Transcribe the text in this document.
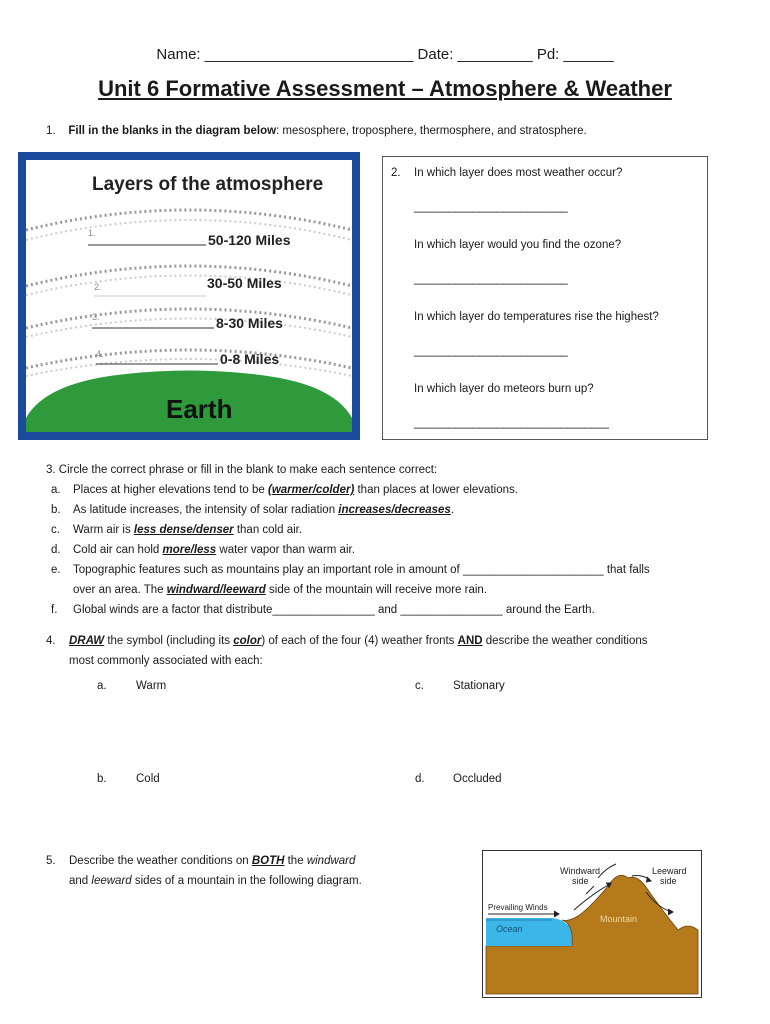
Name: _________________________ Date: _________ Pd: ______
Unit 6 Formative Assessment – Atmosphere & Weather
1. Fill in the blanks in the diagram below: mesosphere, troposphere, thermosphere, and stratosphere.
Layers of the atmosphere
1.	50-120 Miles
2.	30-50 Miles
3.	8-30 Miles
4.	0-8 Miles
Earth
2. In which layer does most weather occur?
__________________________
In which layer would you find the ozone?
__________________________
In which layer do temperatures rise the highest?
__________________________
In which layer do meteors burn up?
_________________________________
3. Circle the correct phrase or fill in the blank to make each sentence correct:
a. Places at higher elevations tend to be (warmer/colder) than places at lower elevations.
b. As latitude increases, the intensity of solar radiation increases/decreases.
c. Warm air is less dense/denser than cold air.
d. Cold air can hold more/less water vapor than warm air.
e. Topographic features such as mountains play an important role in amount of ______________________ that falls
over an area. The windward/leeward side of the mountain will receive more rain.
f. Global winds are a factor that distribute________________ and ________________ around the Earth.
4. DRAW the symbol (including its color) of each of the four (4) weather fronts AND describe the weather conditions
most commonly associated with each:
a.	Warm
b.	Cold
c.	Stationary
d. Occluded
5. Describe the weather conditions on BOTH the windward
and leeward sides of a mountain in the following diagram.
Windward
side
Leeward
side
Prevailing Winds
Ocean
Mountain
